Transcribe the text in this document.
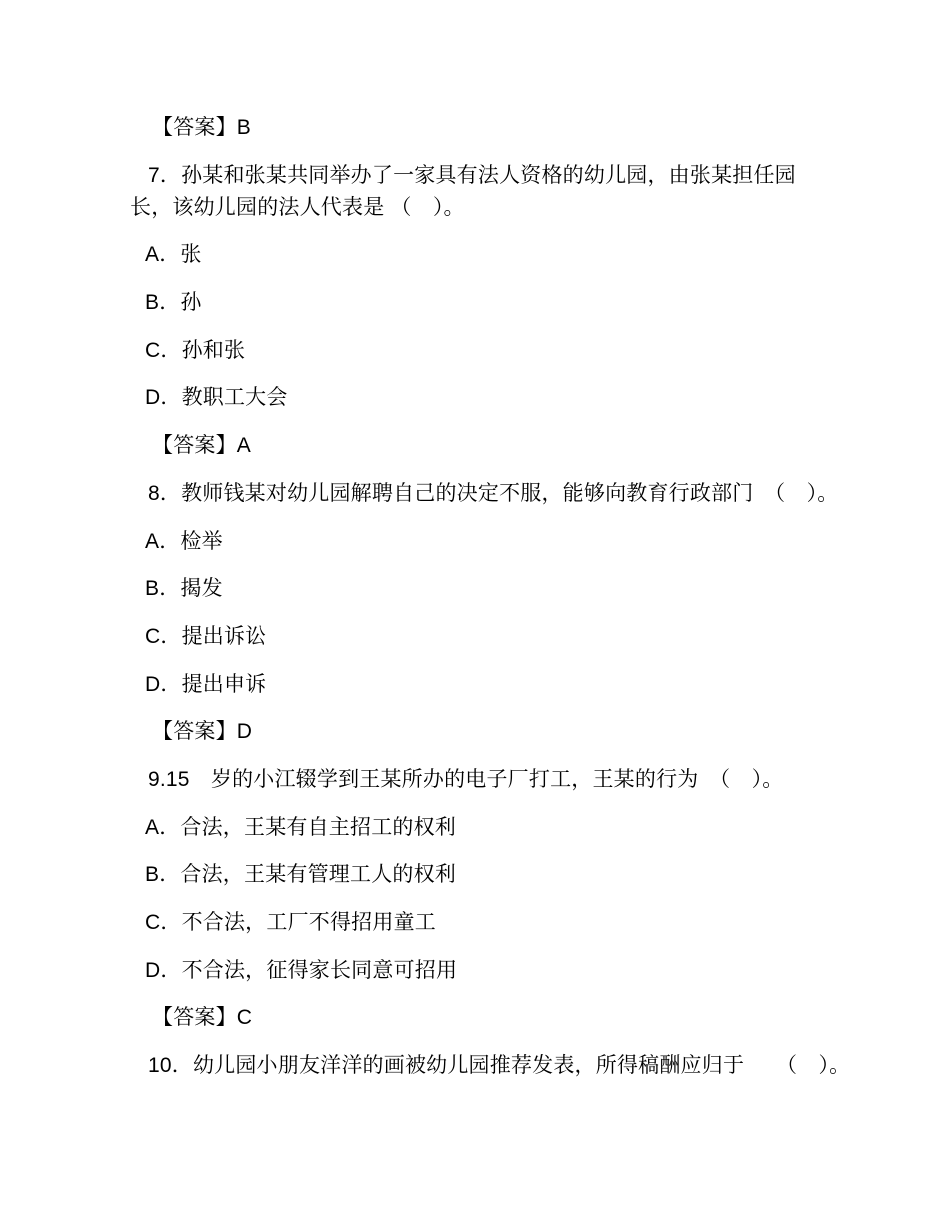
【答案】B
7．孙某和张某共同举办了一家具有法人资格的幼儿园，由张某担任园
长，该幼儿园的法人代表是 （　）。
A．张
B．孙
C．孙和张
D．教职工大会
【答案】A
8．教师钱某对幼儿园解聘自己的决定不服，能够向教育行政部门　（　）。
A．检举
B．揭发
C．提出诉讼
D．提出申诉
【答案】D
9.15　岁的小江辍学到王某所办的电子厂打工，王某的行为　（　）。
A．合法，王某有自主招工的权利
B．合法，王某有管理工人的权利
C．不合法，工厂不得招用童工
D．不合法，征得家长同意可招用
【答案】C
10．幼儿园小朋友洋洋的画被幼儿园推荐发表，所得稿酬应归于　　（　）。
